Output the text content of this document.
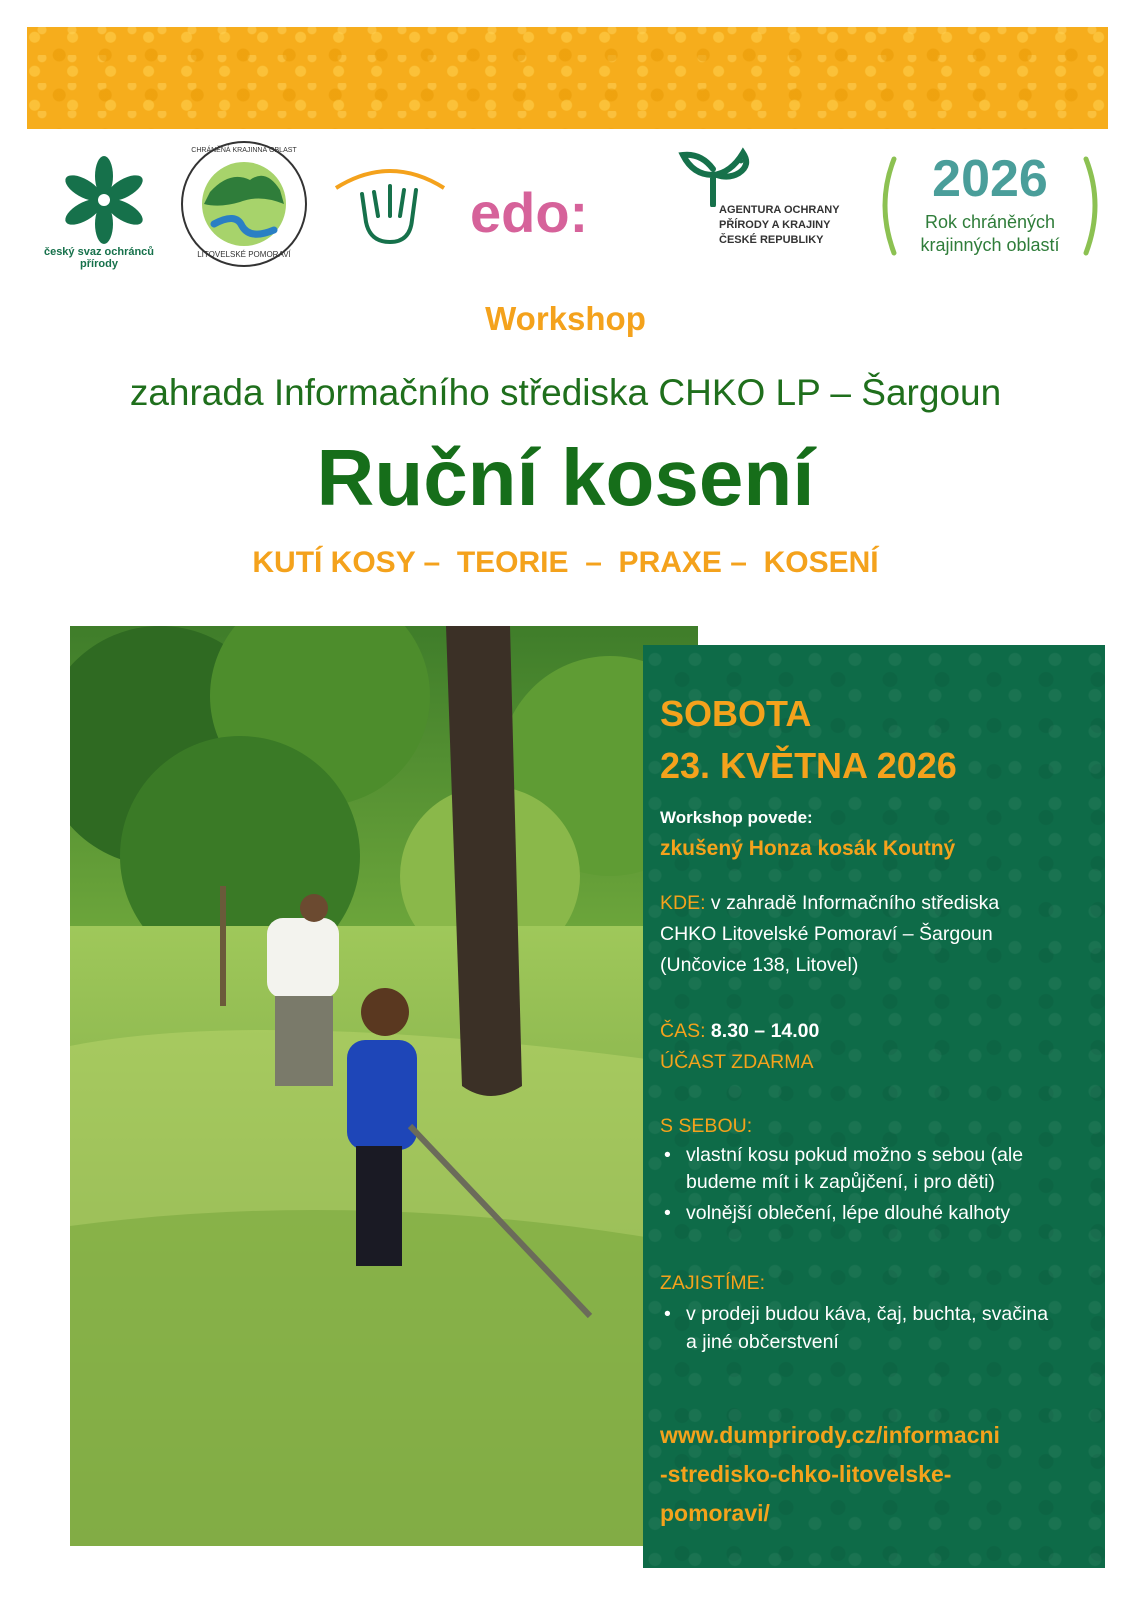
český svaz ochránců přírody
CHRÁNĚNÁ KRAJINNÁ OBLAST
LITOVELSKÉ POMORAVÍ
edo:	AGENTURA OCHRANY
PŘÍRODY A KRAJINY
ČESKÉ REPUBLIKY
2026
Rok chráněných
krajinných oblastí
Workshop
zahrada Informačního střediska CHKO LP – Šargoun
Ruční kosení
KUTÍ KOSY –  TEORIE  –  PRAXE –  KOSENÍ
SOBOTA
23. KVĚTNA 2026
Workshop povede:
zkušený Honza kosák Koutný
KDE: v zahradě Informačního střediska
CHKO Litovelské Pomoraví – Šargoun
(Unčovice 138, Litovel)
ČAS: 8.30 – 14.00
ÚČAST ZDARMA
S SEBOU:
• vlastní kosu pokud možno s sebou (ale budeme mít i k zapůjčení, i pro děti)
• volnější oblečení, lépe dlouhé kalhoty
ZAJISTÍME:
• v prodeji budou káva, čaj, buchta, svačina a jiné občerstvení
www.dumprirody.cz/informacni
-stredisko-chko-litovelske-
pomoravi/
